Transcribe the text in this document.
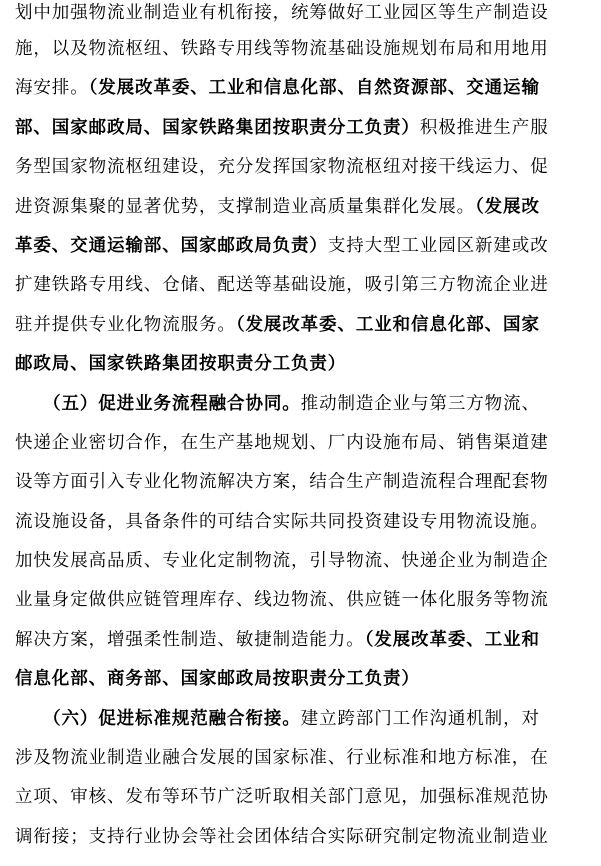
划中加强物流业制造业有机衔接，统筹做好工业园区等生产制造设
施，以及物流枢纽、铁路专用线等物流基础设施规划布局和用地用
海安排。（发展改革委、工业和信息化部、自然资源部、交通运输
部、国家邮政局、国家铁路集团按职责分工负责）积极推进生产服
务型国家物流枢纽建设，充分发挥国家物流枢纽对接干线运力、促
进资源集聚的显著优势，支撑制造业高质量集群化发展。（发展改
革委、交通运输部、国家邮政局负责）支持大型工业园区新建或改
扩建铁路专用线、仓储、配送等基础设施，吸引第三方物流企业进
驻并提供专业化物流服务。（发展改革委、工业和信息化部、国家
邮政局、国家铁路集团按职责分工负责）
　　（五）促进业务流程融合协同。推动制造企业与第三方物流、
快递企业密切合作，在生产基地规划、厂内设施布局、销售渠道建
设等方面引入专业化物流解决方案，结合生产制造流程合理配套物
流设施设备，具备条件的可结合实际共同投资建设专用物流设施。
加快发展高品质、专业化定制物流，引导物流、快递企业为制造企
业量身定做供应链管理库存、线边物流、供应链一体化服务等物流
解决方案，增强柔性制造、敏捷制造能力。（发展改革委、工业和
信息化部、商务部、国家邮政局按职责分工负责）
　　（六）促进标准规范融合衔接。建立跨部门工作沟通机制，对
涉及物流业制造业融合发展的国家标准、行业标准和地方标准，在
立项、审核、发布等环节广泛听取相关部门意见，加强标准规范协
调衔接；支持行业协会等社会团体结合实际研究制定物流业制造业
